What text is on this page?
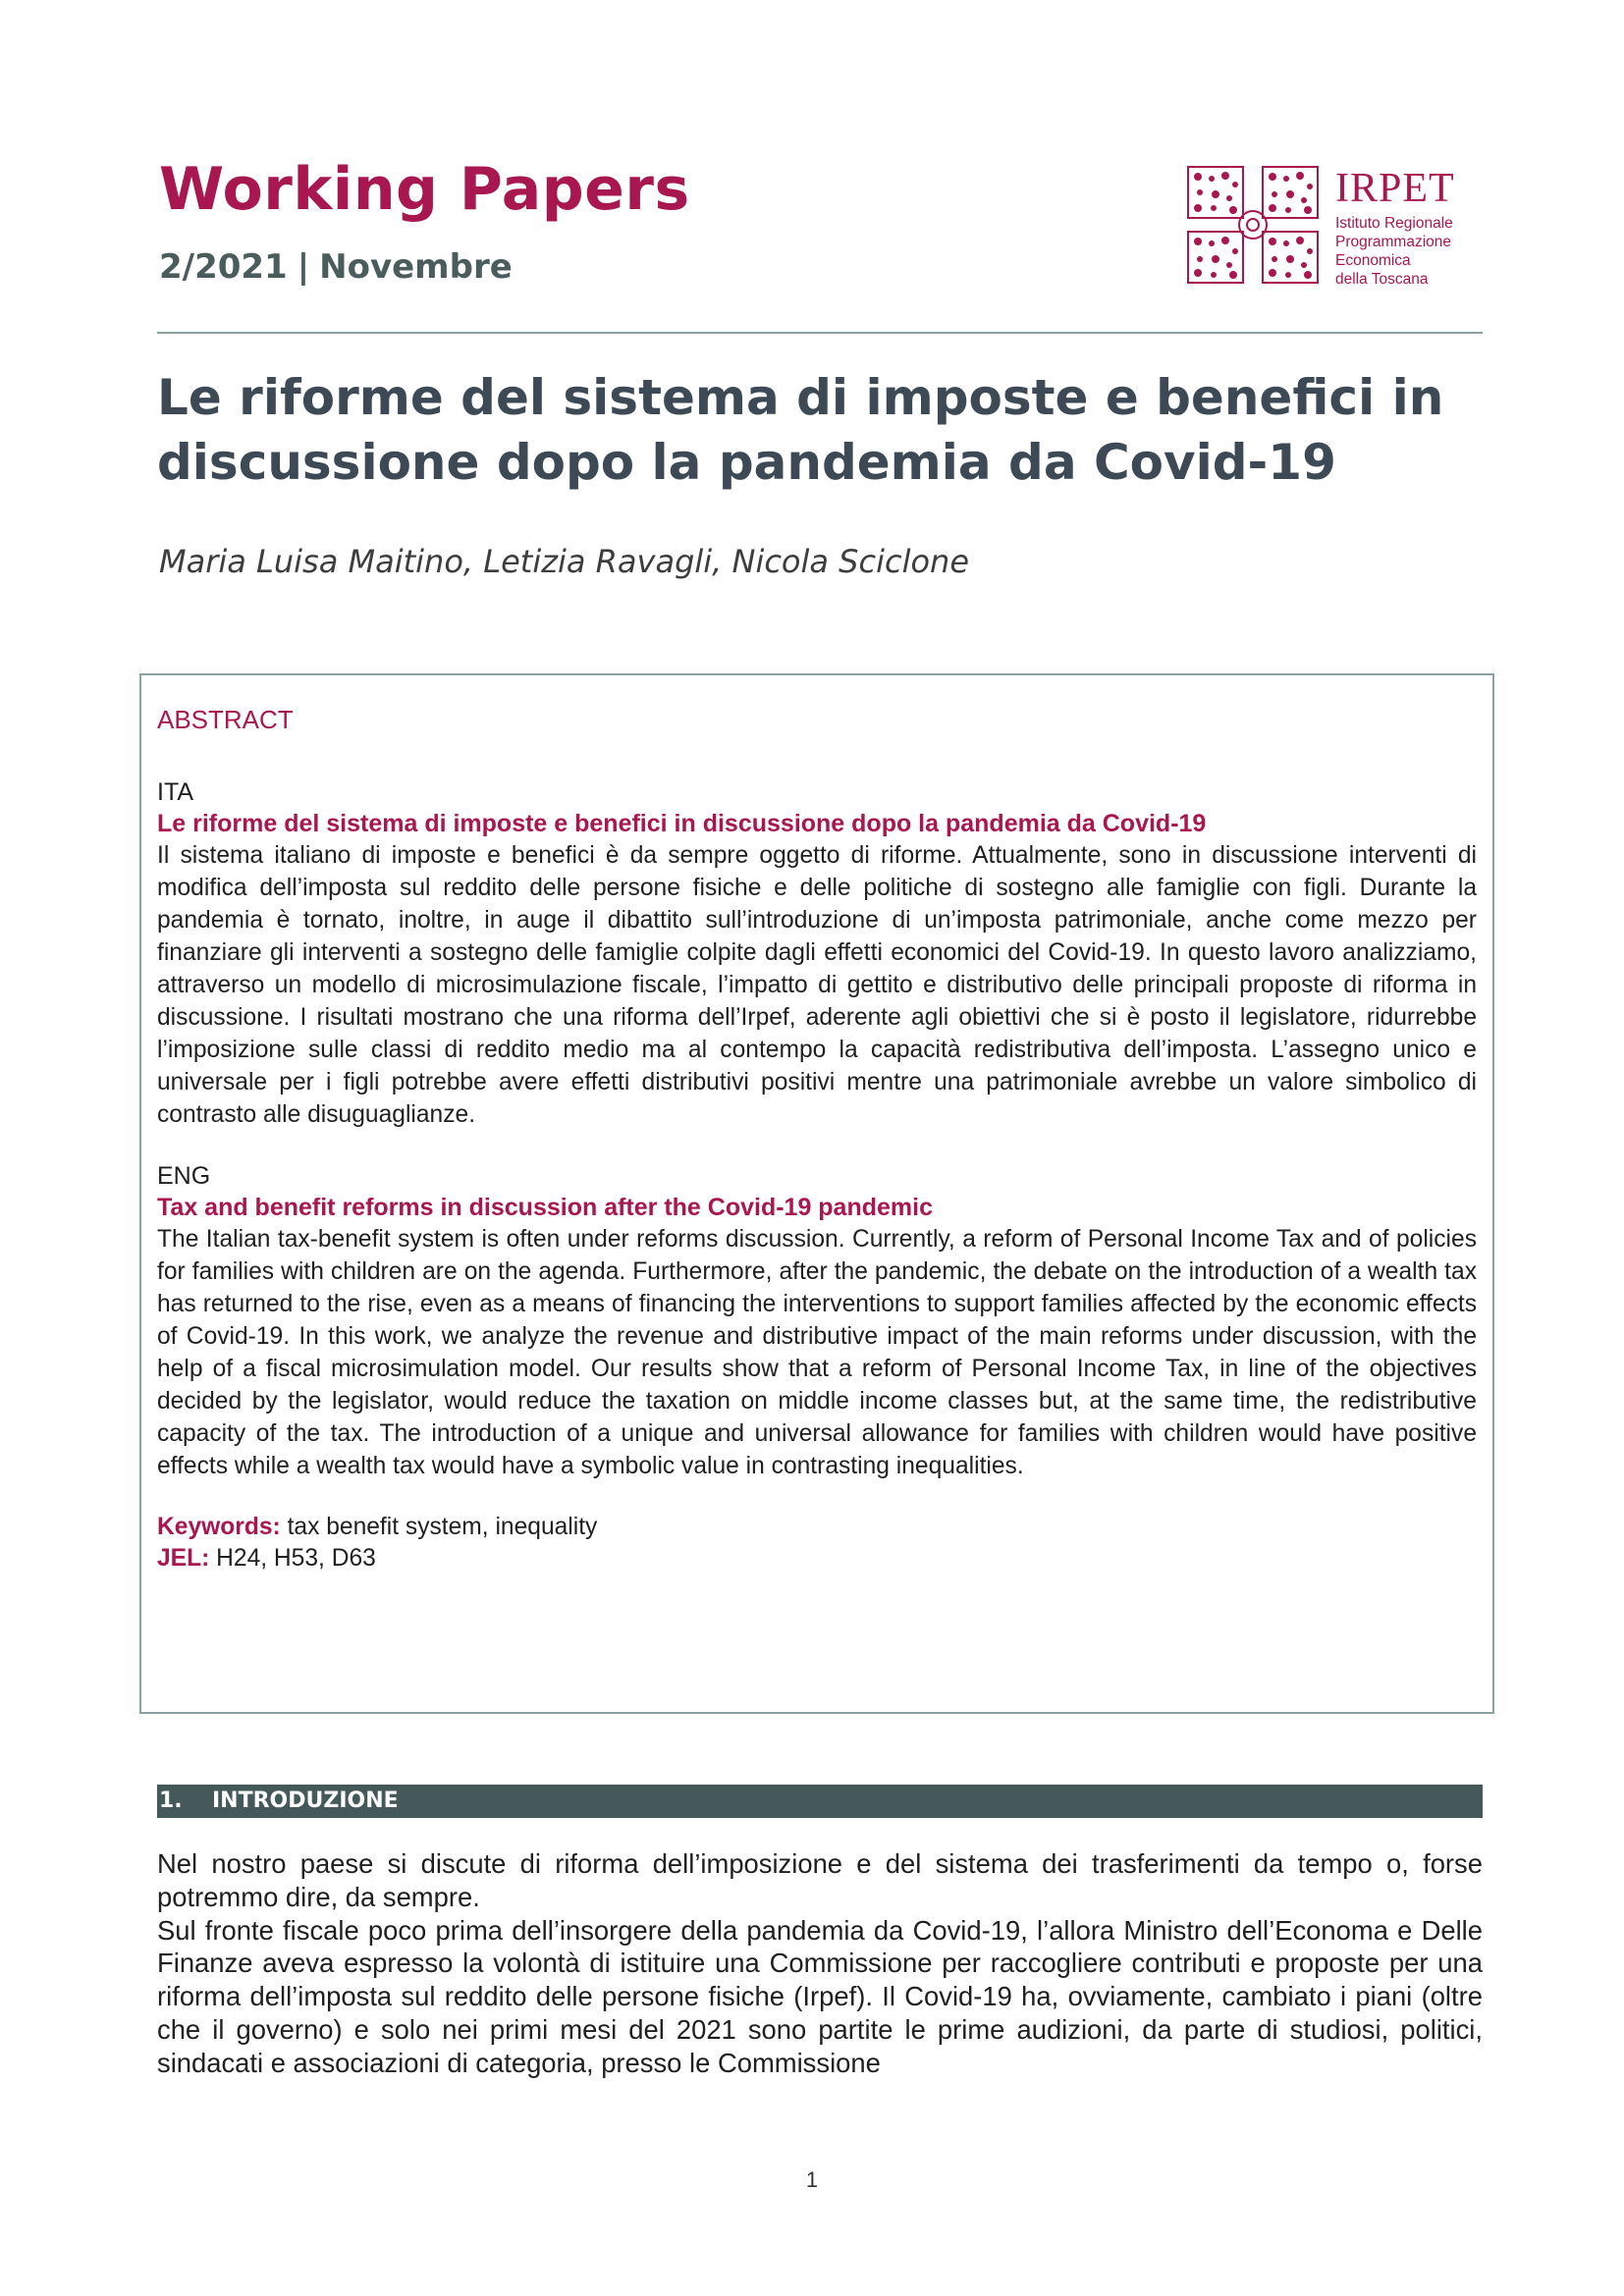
Working Papers
2/2021 | Novembre
IRPET
Istituto Regionale
Programmazione
Economica
della Toscana
Le riforme del sistema di imposte e benefici in
discussione dopo la pandemia da Covid-19
Maria Luisa Maitino, Letizia Ravagli, Nicola Sciclone

ABSTRACT

ITA

Le riforme del sistema di imposte e benefici in discussione dopo la pandemia da Covid-19

Il sistema italiano di imposte e benefici è da sempre oggetto di riforme. Attualmente, sono in discussione interventi di modifica dell’imposta sul reddito delle persone fisiche e delle politiche di sostegno alle famiglie con figli. Durante la pandemia è tornato, inoltre, in auge il dibattito sull’introduzione di un’imposta patrimoniale, anche come mezzo per finanziare gli interventi a sostegno delle famiglie colpite dagli effetti economici del Covid-19. In questo lavoro analizziamo, attraverso un modello di microsimulazione fiscale, l’impatto di gettito e distributivo delle principali proposte di riforma in discussione. I risultati mostrano che una riforma dell’Irpef, aderente agli obiettivi che si è posto il legislatore, ridurrebbe l’imposizione sulle classi di reddito medio ma al contempo la capacità redistributiva dell’imposta. L’assegno unico e universale per i figli potrebbe avere effetti distributivi positivi mentre una patrimoniale avrebbe un valore simbolico di contrasto alle disuguaglianze.

ENG

Tax and benefit reforms in discussion after the Covid-19 pandemic

The Italian tax-benefit system is often under reforms discussion. Currently, a reform of Personal Income Tax and of policies for families with children are on the agenda. Furthermore, after the pandemic, the debate on the introduction of a wealth tax has returned to the rise, even as a means of financing the interventions to support families affected by the economic effects of Covid-19. In this work, we analyze the revenue and distributive impact of the main reforms under discussion, with the help of a fiscal microsimulation model. Our results show that a reform of Personal Income Tax, in line of the objectives decided by the legislator, would reduce the taxation on middle income classes but, at the same time, the redistributive capacity of the tax. The introduction of a unique and universal allowance for families with children would have positive effects while a wealth tax would have a symbolic value in contrasting inequalities.

Keywords: tax benefit system, inequality

JEL: H24, H53, D63

1. INTRODUZIONE

Nel nostro paese si discute di riforma dell’imposizione e del sistema dei trasferimenti da tempo o, forse potremmo dire, da sempre.

Sul fronte fiscale poco prima dell’insorgere della pandemia da Covid-19, l’allora Ministro dell’Economa e Delle Finanze aveva espresso la volontà di istituire una Commissione per raccogliere contributi e proposte per una riforma dell’imposta sul reddito delle persone fisiche (Irpef). Il Covid-19 ha, ovviamente, cambiato i piani (oltre che il governo) e solo nei primi mesi del 2021 sono partite le prime audizioni, da parte di studiosi, politici, sindacati e associazioni di categoria, presso le Commissione

1
